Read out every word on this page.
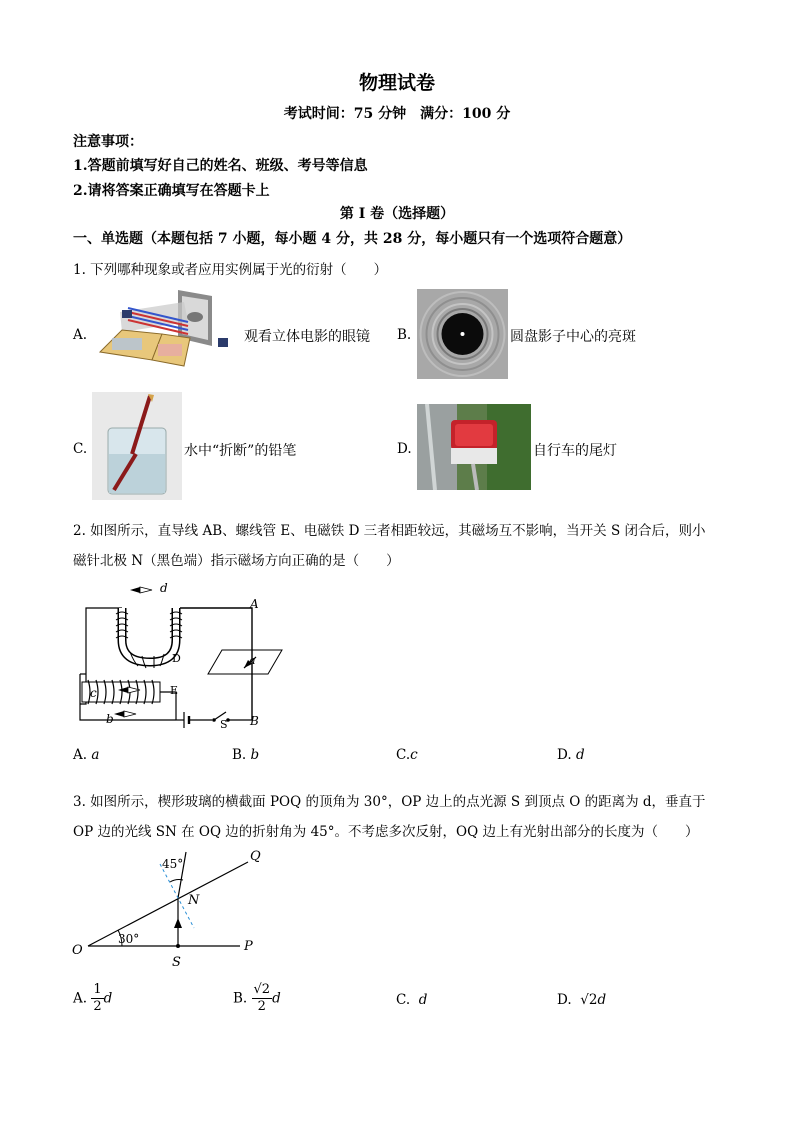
物理试卷
考试时间：75 分钟　满分：100 分
注意事项：
1.答题前填写好自己的姓名、班级、考号等信息
2.请将答案正确填写在答题卡上
第 I 卷（选择题）
一、单选题（本题包括 7 小题，每小题 4 分，共 28 分，每小题只有一个选项符合题意）
1. 下列哪种现象或者应用实例属于光的衍射（　　）
A.	观看立体电影的眼镜 B.	圆盘影子中心的亮斑
C.	水中“折断”的铅笔	D.	自行车的尾灯
2. 如图所示，直导线 AB、螺线管 E、电磁铁 D 三者相距较远，其磁场互不影响，当开关 S 闭合后，则小
磁针北极 N（黑色端）指示磁场方向正确的是（　　）
d
A
D	a
c	E
b	S B
A. a	B. b	C.c	D. d
3. 如图所示，楔形玻璃的横截面 POQ 的顶角为 30°，OP 边上的点光源 S 到顶点 O 的距离为 d，垂直于
OP 边的光线 SN 在 OQ 边的折射角为 45°。不考虑多次反射，OQ 边上有光射出部分的长度为（　　）
45°	Q
N
30°
O
S
P
A. $\frac{1}{2}$ d	B. $\frac{√2}{2}$ d	C. d	D. √2d
